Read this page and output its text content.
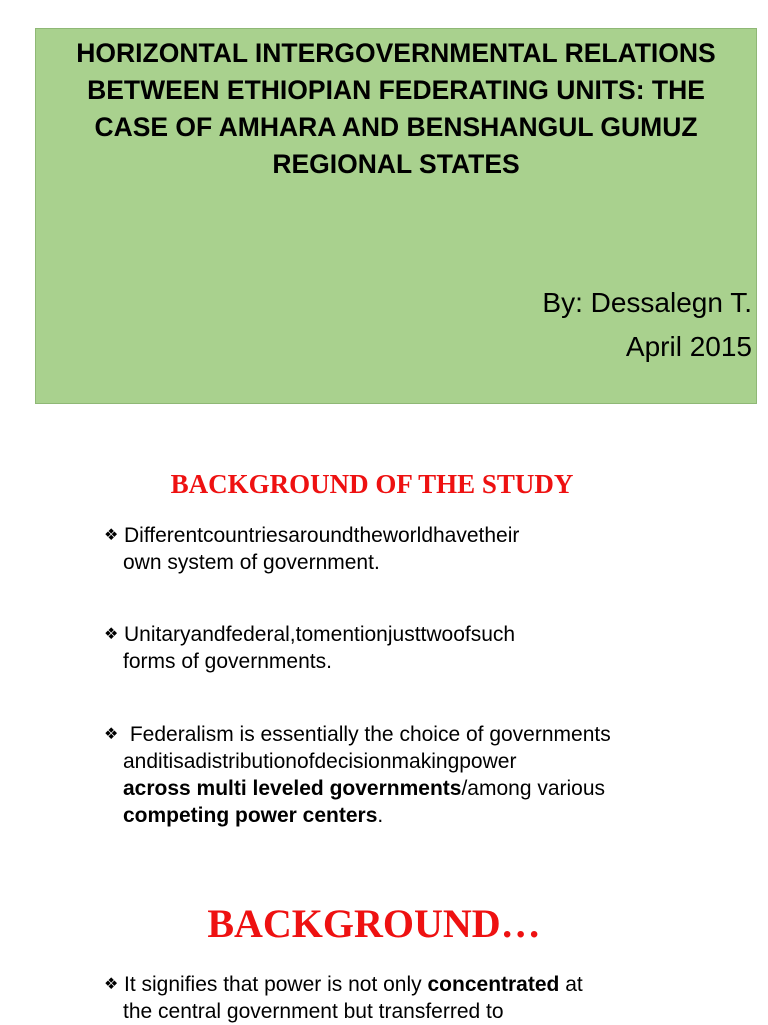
HORIZONTAL INTERGOVERNMENTAL RELATIONS
BETWEEN ETHIOPIAN FEDERATING UNITS: THE
CASE OF AMHARA AND BENSHANGUL GUMUZ
REGIONAL STATES
By: Dessalegn T.
April 2015
BACKGROUND OF THE STUDY
❖ Differentcountriesaroundtheworldhavetheir
own system of government.
❖ Unitaryandfederal,tomentionjusttwoofsuch
forms of governments.
❖ Federalism is essentially the choice of governments
anditisadistributionofdecisionmakingpower
across multi leveled governments/among various
competing power centers.
BACKGROUND…
❖ It signifies that power is not only concentrated at
the central government but transferred to
